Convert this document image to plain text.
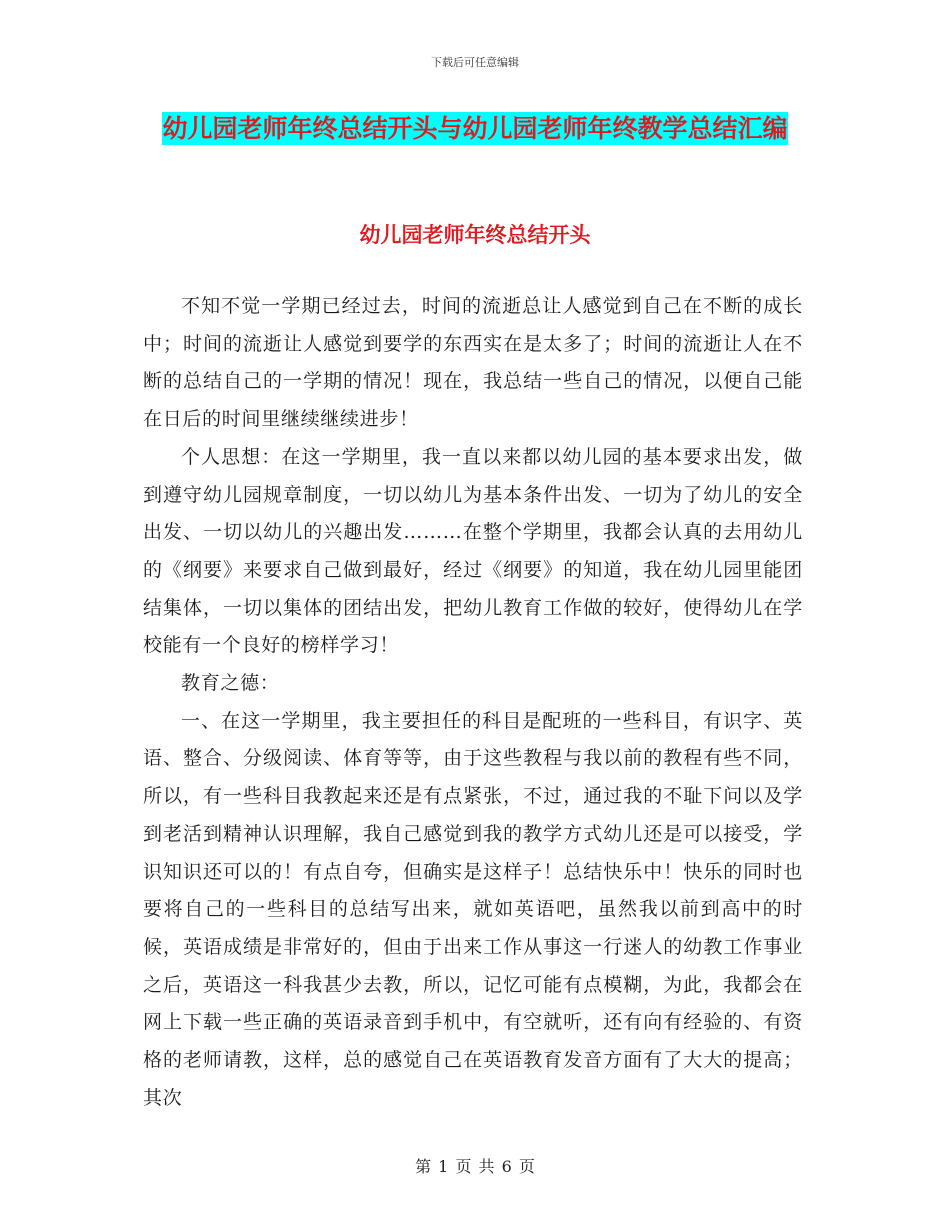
下载后可任意编辑
幼儿园老师年终总结开头与幼儿园老师年终教学总结汇编
幼儿园老师年终总结开头

不知不觉一学期已经过去，时间的流逝总让人感觉到自己在不断的成长中；时间的流逝让人感觉到要学的东西实在是太多了；时间的流逝让人在不断的总结自己的一学期的情况！现在，我总结一些自己的情况，以便自己能在日后的时间里继续继续进步！

个人思想：在这一学期里，我一直以来都以幼儿园的基本要求出发，做到遵守幼儿园规章制度，一切以幼儿为基本条件出发、一切为了幼儿的安全出发、一切以幼儿的兴趣出发………在整个学期里，我都会认真的去用幼儿的《纲要》来要求自己做到最好，经过《纲要》的知道，我在幼儿园里能团结集体，一切以集体的团结出发，把幼儿教育工作做的较好，使得幼儿在学校能有一个良好的榜样学习！

教育之德：

一、在这一学期里，我主要担任的科目是配班的一些科目，有识字、英语、整合、分级阅读、体育等等，由于这些教程与我以前的教程有些不同，所以，有一些科目我教起来还是有点紧张，不过，通过我的不耻下问以及学到老活到精神认识理解，我自己感觉到我的教学方式幼儿还是可以接受，学识知识还可以的！有点自夸，但确实是这样子！总结快乐中！快乐的同时也要将自己的一些科目的总结写出来，就如英语吧，虽然我以前到高中的时候，英语成绩是非常好的，但由于出来工作从事这一行迷人的幼教工作事业之后，英语这一科我甚少去教，所以，记忆可能有点模糊，为此，我都会在网上下载一些正确的英语录音到手机中，有空就听，还有向有经验的、有资格的老师请教，这样，总的感觉自己在英语教育发音方面有了大大的提高；其次

第 1 页 共 6 页
